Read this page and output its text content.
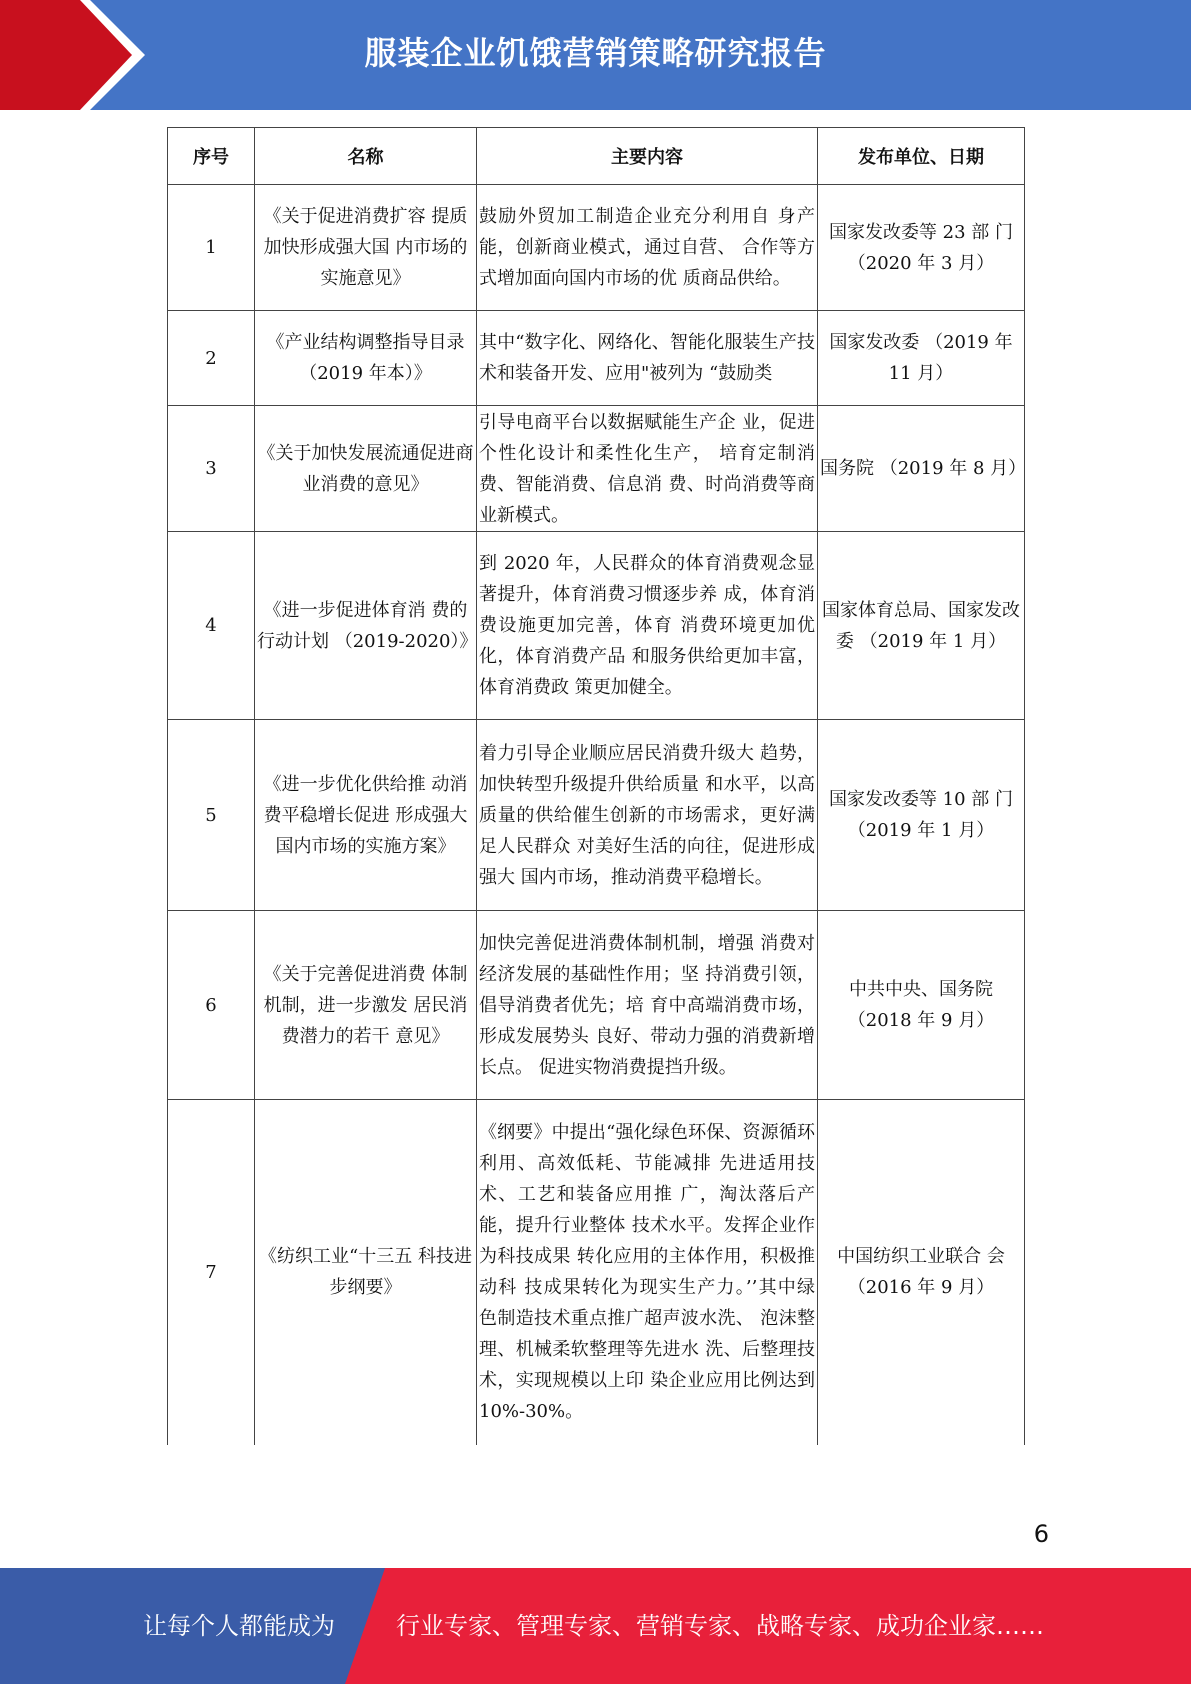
服装企业饥饿营销策略研究报告
序号	名称	主要内容	发布单位、日期
1	《关于促进消费扩容 提质加快形成强大国 内市场的实施意见》	鼓励外贸加工制造企业充分利用自 身产能，创新商业模式，通过自营、 合作等方式增加面向国内市场的优 质商品供给。	国家发改委等 23 部 门（2020 年 3 月）
2	《产业结构调整指导目录（2019 年本）》	其中“数字化、网络化、智能化服装生产技术和装备开发、应用"被列为 “鼓励类	国家发改委 （2019 年 11 月）
3	《关于加快发展流通促进商业消费的意见》	引导电商平台以数据赋能生产企 业，促进个性化设计和柔性化生产， 培育定制消费、智能消费、信息消 费、时尚消费等商业新模式。	国务院 （2019 年 8 月）
4	《进一步促进体育消 费的行动计划 （2019-2020）》	到 2020 年，人民群众的体育消费观念显著提升，体育消费习惯逐步养 成，体育消费设施更加完善，体育 消费环境更加优化，体育消费产品 和服务供给更加丰富，体育消费政 策更加健全。	国家体育总局、国家发改委 （2019 年 1 月）
5	《进一步优化供给推 动消费平稳增长促进 形成强大国内市场的实施方案》	着力引导企业顺应居民消费升级大 趋势，加快转型升级提升供给质量 和水平，以高质量的供给催生创新的市场需求，更好满足人民群众 对美好生活的向往，促进形成强大 国内市场，推动消费平稳增长。	国家发改委等 10 部 门（2019 年 1 月）
6	《关于完善促进消费 体制机制，进一步激发 居民消费潜力的若干 意见》	加快完善促进消费体制机制，增强 消费对经济发展的基础性作用；坚 持消费引领，倡导消费者优先；培 育中高端消费市场，形成发展势头 良好、带动力强的消费新增长点。 促进实物消费提挡升级。	中共中央、国务院 （2018 年 9 月）
7	《纺织工业“十三五 科技进步纲要》	《纲要》中提出“强化绿色环保、资源循环利用、高效低耗、节能减排 先进适用技术、工艺和装备应用推 广，淘汰落后产能，提升行业整体 技术水平。发挥企业作为科技成果 转化应用的主体作用，积极推动科 技成果转化为现实生产力。’’其中绿 色制造技术重点推广超声波水洗、 泡沫整理、机械柔软整理等先进水 洗、后整理技术，实现规模以上印 染企业应用比例达到 10%-30%。	中国纺织工业联合 会（2016 年 9 月）
6
让每个人都能成为	行业专家、管理专家、营销专家、战略专家、成功企业家……
